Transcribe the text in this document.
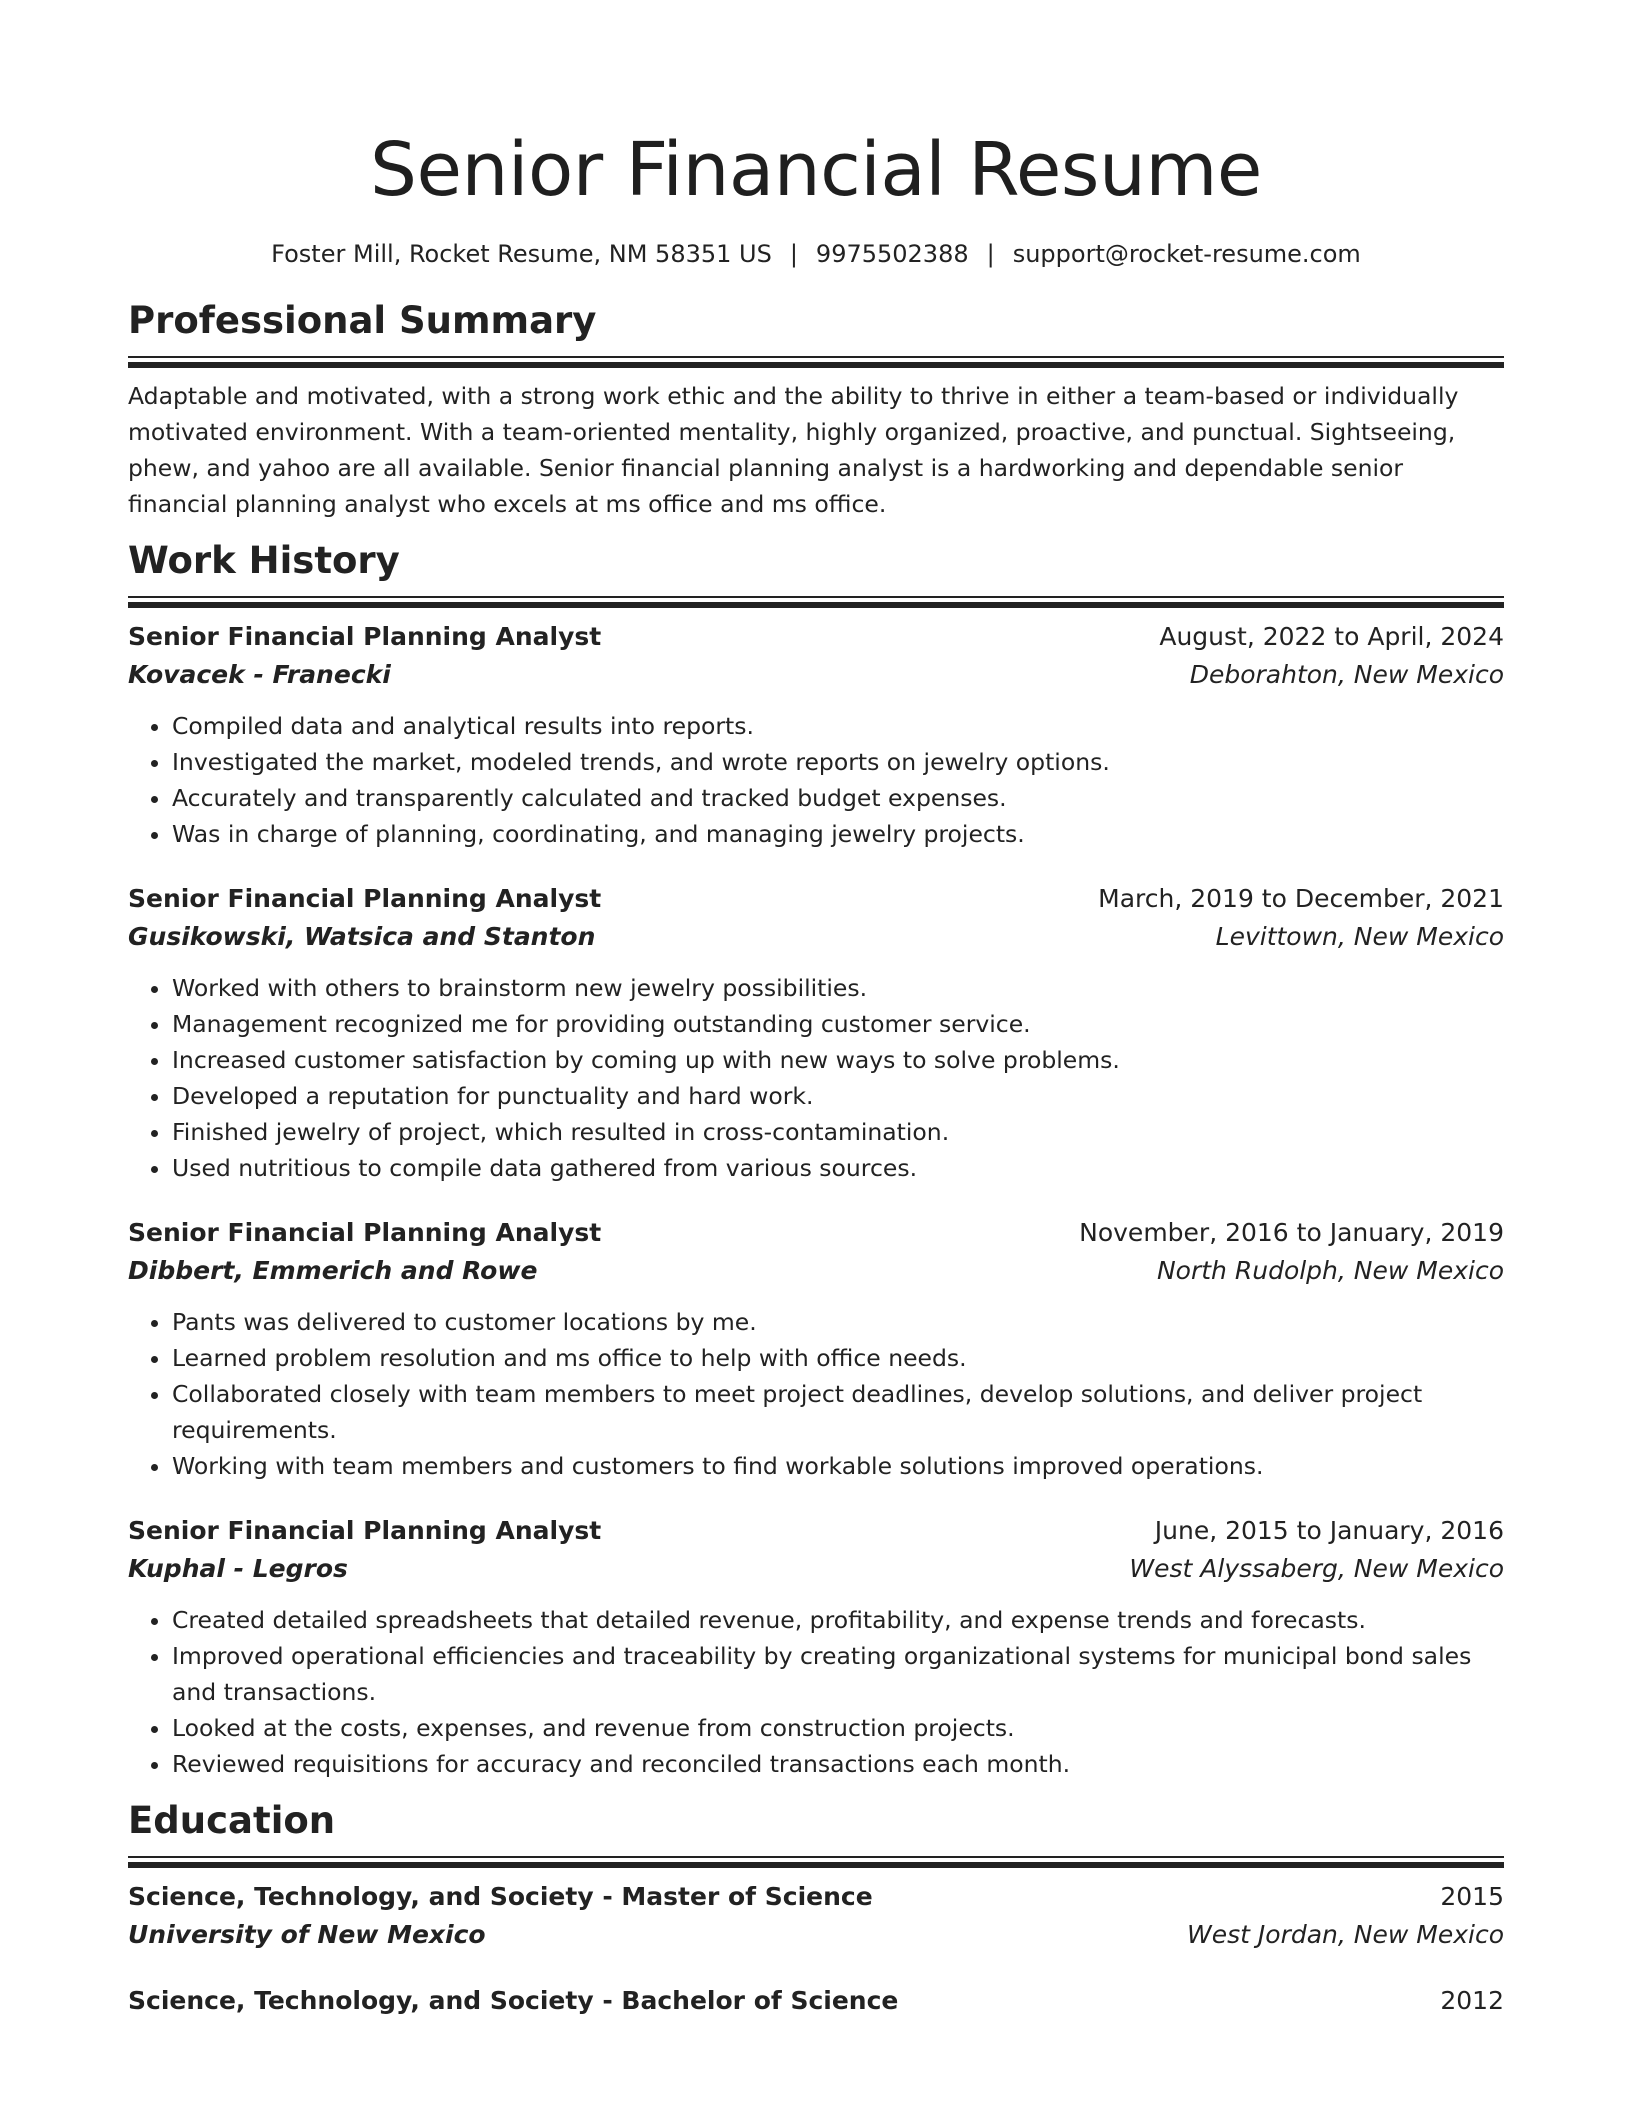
Senior Financial Resume
Foster Mill, Rocket Resume, NM 58351 US | 9975502388 | support@rocket-resume.com
Professional Summary
Adaptable and motivated, with a strong work ethic and the ability to thrive in either a team-based or individually motivated environment. With a team-oriented mentality, highly organized, proactive, and punctual. Sightseeing, phew, and yahoo are all available. Senior financial planning analyst is a hardworking and dependable senior financial planning analyst who excels at ms office and ms office.
Work History
Senior Financial Planning Analyst	August, 2022 to April, 2024
Kovacek - Franecki	Deborahton, New Mexico
• Compiled data and analytical results into reports.
• Investigated the market, modeled trends, and wrote reports on jewelry options.
• Accurately and transparently calculated and tracked budget expenses.
• Was in charge of planning, coordinating, and managing jewelry projects.
Senior Financial Planning Analyst	March, 2019 to December, 2021
Gusikowski, Watsica and Stanton	Levittown, New Mexico
• Worked with others to brainstorm new jewelry possibilities.
• Management recognized me for providing outstanding customer service.
• Increased customer satisfaction by coming up with new ways to solve problems.
• Developed a reputation for punctuality and hard work.
• Finished jewelry of project, which resulted in cross-contamination.
• Used nutritious to compile data gathered from various sources.
Senior Financial Planning Analyst	November, 2016 to January, 2019
Dibbert, Emmerich and Rowe	North Rudolph, New Mexico
• Pants was delivered to customer locations by me.
• Learned problem resolution and ms office to help with office needs.
• Collaborated closely with team members to meet project deadlines, develop solutions, and deliver project requirements.
• Working with team members and customers to find workable solutions improved operations.
Senior Financial Planning Analyst	June, 2015 to January, 2016
Kuphal - Legros	West Alyssaberg, New Mexico
• Created detailed spreadsheets that detailed revenue, profitability, and expense trends and forecasts.
• Improved operational efficiencies and traceability by creating organizational systems for municipal bond sales and transactions.
• Looked at the costs, expenses, and revenue from construction projects.
• Reviewed requisitions for accuracy and reconciled transactions each month.
Education
Science, Technology, and Society - Master of Science	2015
University of New Mexico	West Jordan, New Mexico
Science, Technology, and Society - Bachelor of Science	2012
